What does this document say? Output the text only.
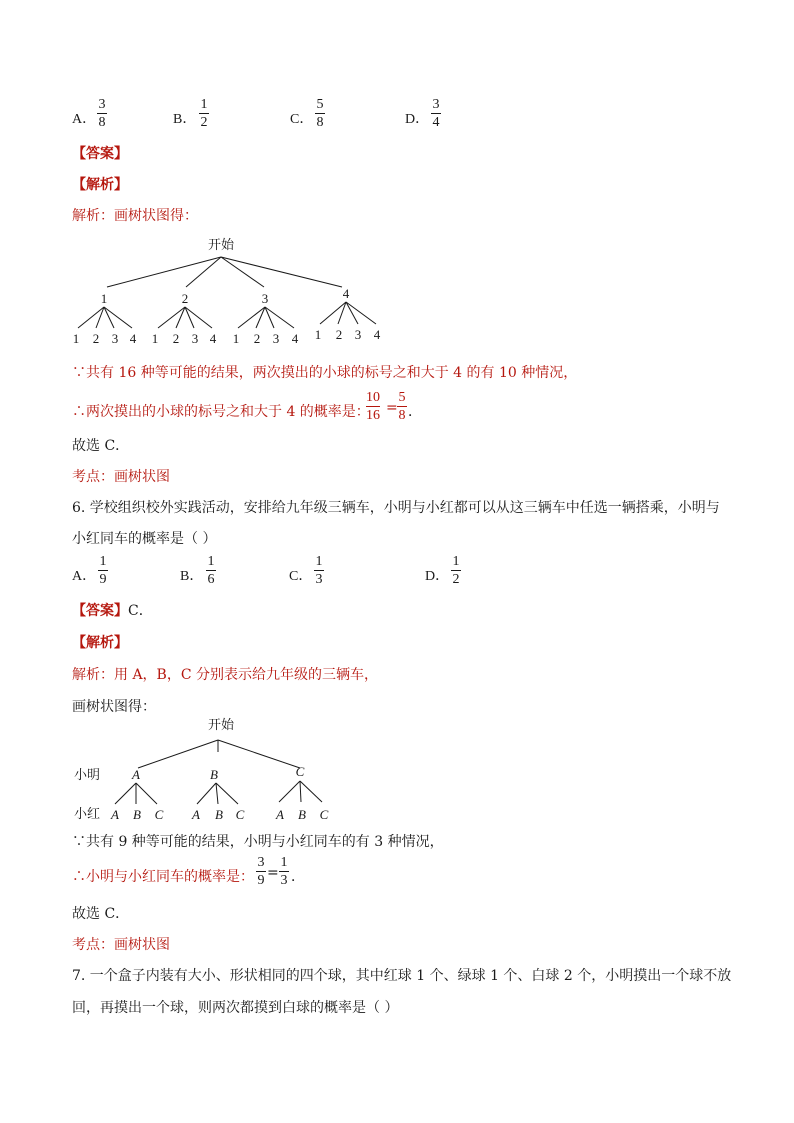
A．
3
8	B．
1
2	C．
5
8	D．
3
4
【答案】
【解析】
解析：画树状图得：
开始
1	2	3	4
1 2 3 4 1 2 3 4 1 2 3 4 1 2 3 4
∵共有 16 种等可能的结果，两次摸出的小球的标号之和大于 4 的有 10 种情况，
∴两次摸出的小球的标号之和大于 4 的概率是：
10
16 =
5
8 ．
故选 C．
考点：画树状图
6. 学校组织校外实践活动，安排给九年级三辆车，小明与小红都可以从这三辆车中任选一辆搭乘，小明与
小红同车的概率是（ ）
A．
1
9	B．
1
6	C．
1
3	D．
1
2
【答案】C．
【解析】
解析：用 A，B，C 分别表示给九年级的三辆车，
画树状图得：
开始
小明
小红
A	B	C
A B C A B C A B C
∵共有 9 种等可能的结果，小明与小红同车的有 3 种情况，
∴小明与小红同车的概率是：
3
9 =
1
3 ．
故选 C．
考点：画树状图
7. 一个盒子内装有大小、形状相同的四个球，其中红球 1 个、绿球 1 个、白球 2 个，小明摸出一个球不放
回，再摸出一个球，则两次都摸到白球的概率是（ ）
